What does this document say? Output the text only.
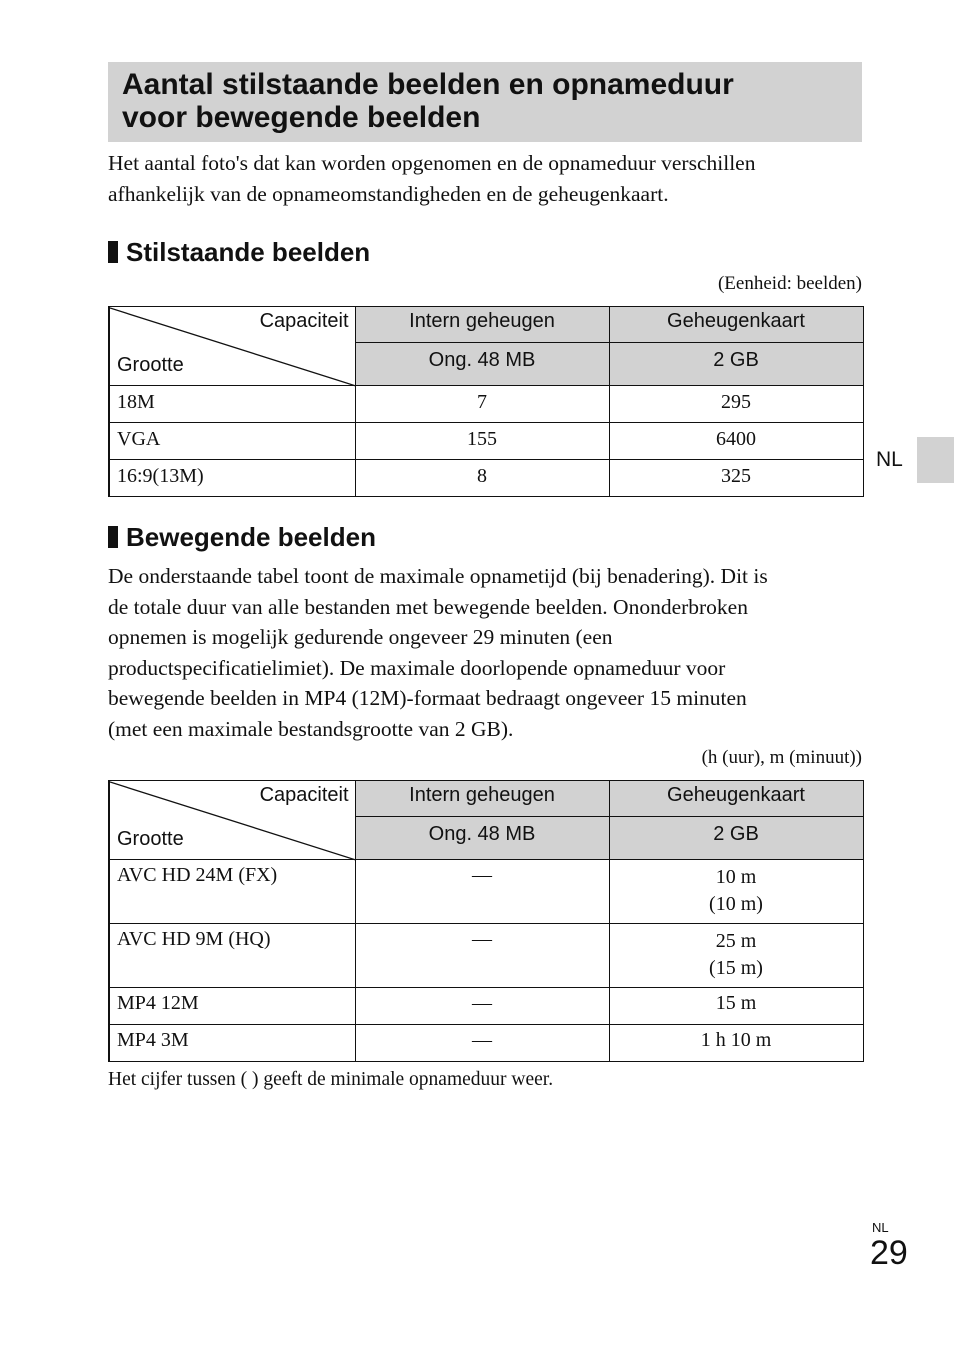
Aantal stilstaande beelden en opnameduur
voor bewegende beelden
Het aantal foto's dat kan worden opgenomen en de opnameduur verschillen
afhankelijk van de opnameomstandigheden en de geheugenkaart.
Stilstaande beelden
(Eenheid: beelden)
Capaciteit
Grootte	Intern geheugen	Geheugenkaart
	Ong. 48 MB	2 GB
18M	7	295
VGA	155	6400
16:9(13M)	8	325
Bewegende beelden
De onderstaande tabel toont de maximale opnametijd (bij benadering). Dit is
de totale duur van alle bestanden met bewegende beelden. Ononderbroken
opnemen is mogelijk gedurende ongeveer 29 minuten (een
productspecificatielimiet). De maximale doorlopende opnameduur voor
bewegende beelden in MP4 (12M)-formaat bedraagt ongeveer 15 minuten
(met een maximale bestandsgrootte van 2 GB).
(h (uur), m (minuut))
Capaciteit
Grootte	Intern geheugen	Geheugenkaart
	Ong. 48 MB	2 GB
AVC HD 24M (FX)	—	10 m
(10 m)

AVC HD 9M (HQ)	—	25 m
(15 m)

MP4 12M	—	15 m
MP4 3M	—	1 h 10 m
Het cijfer tussen ( ) geeft de minimale opnameduur weer.
NL
NL
29
